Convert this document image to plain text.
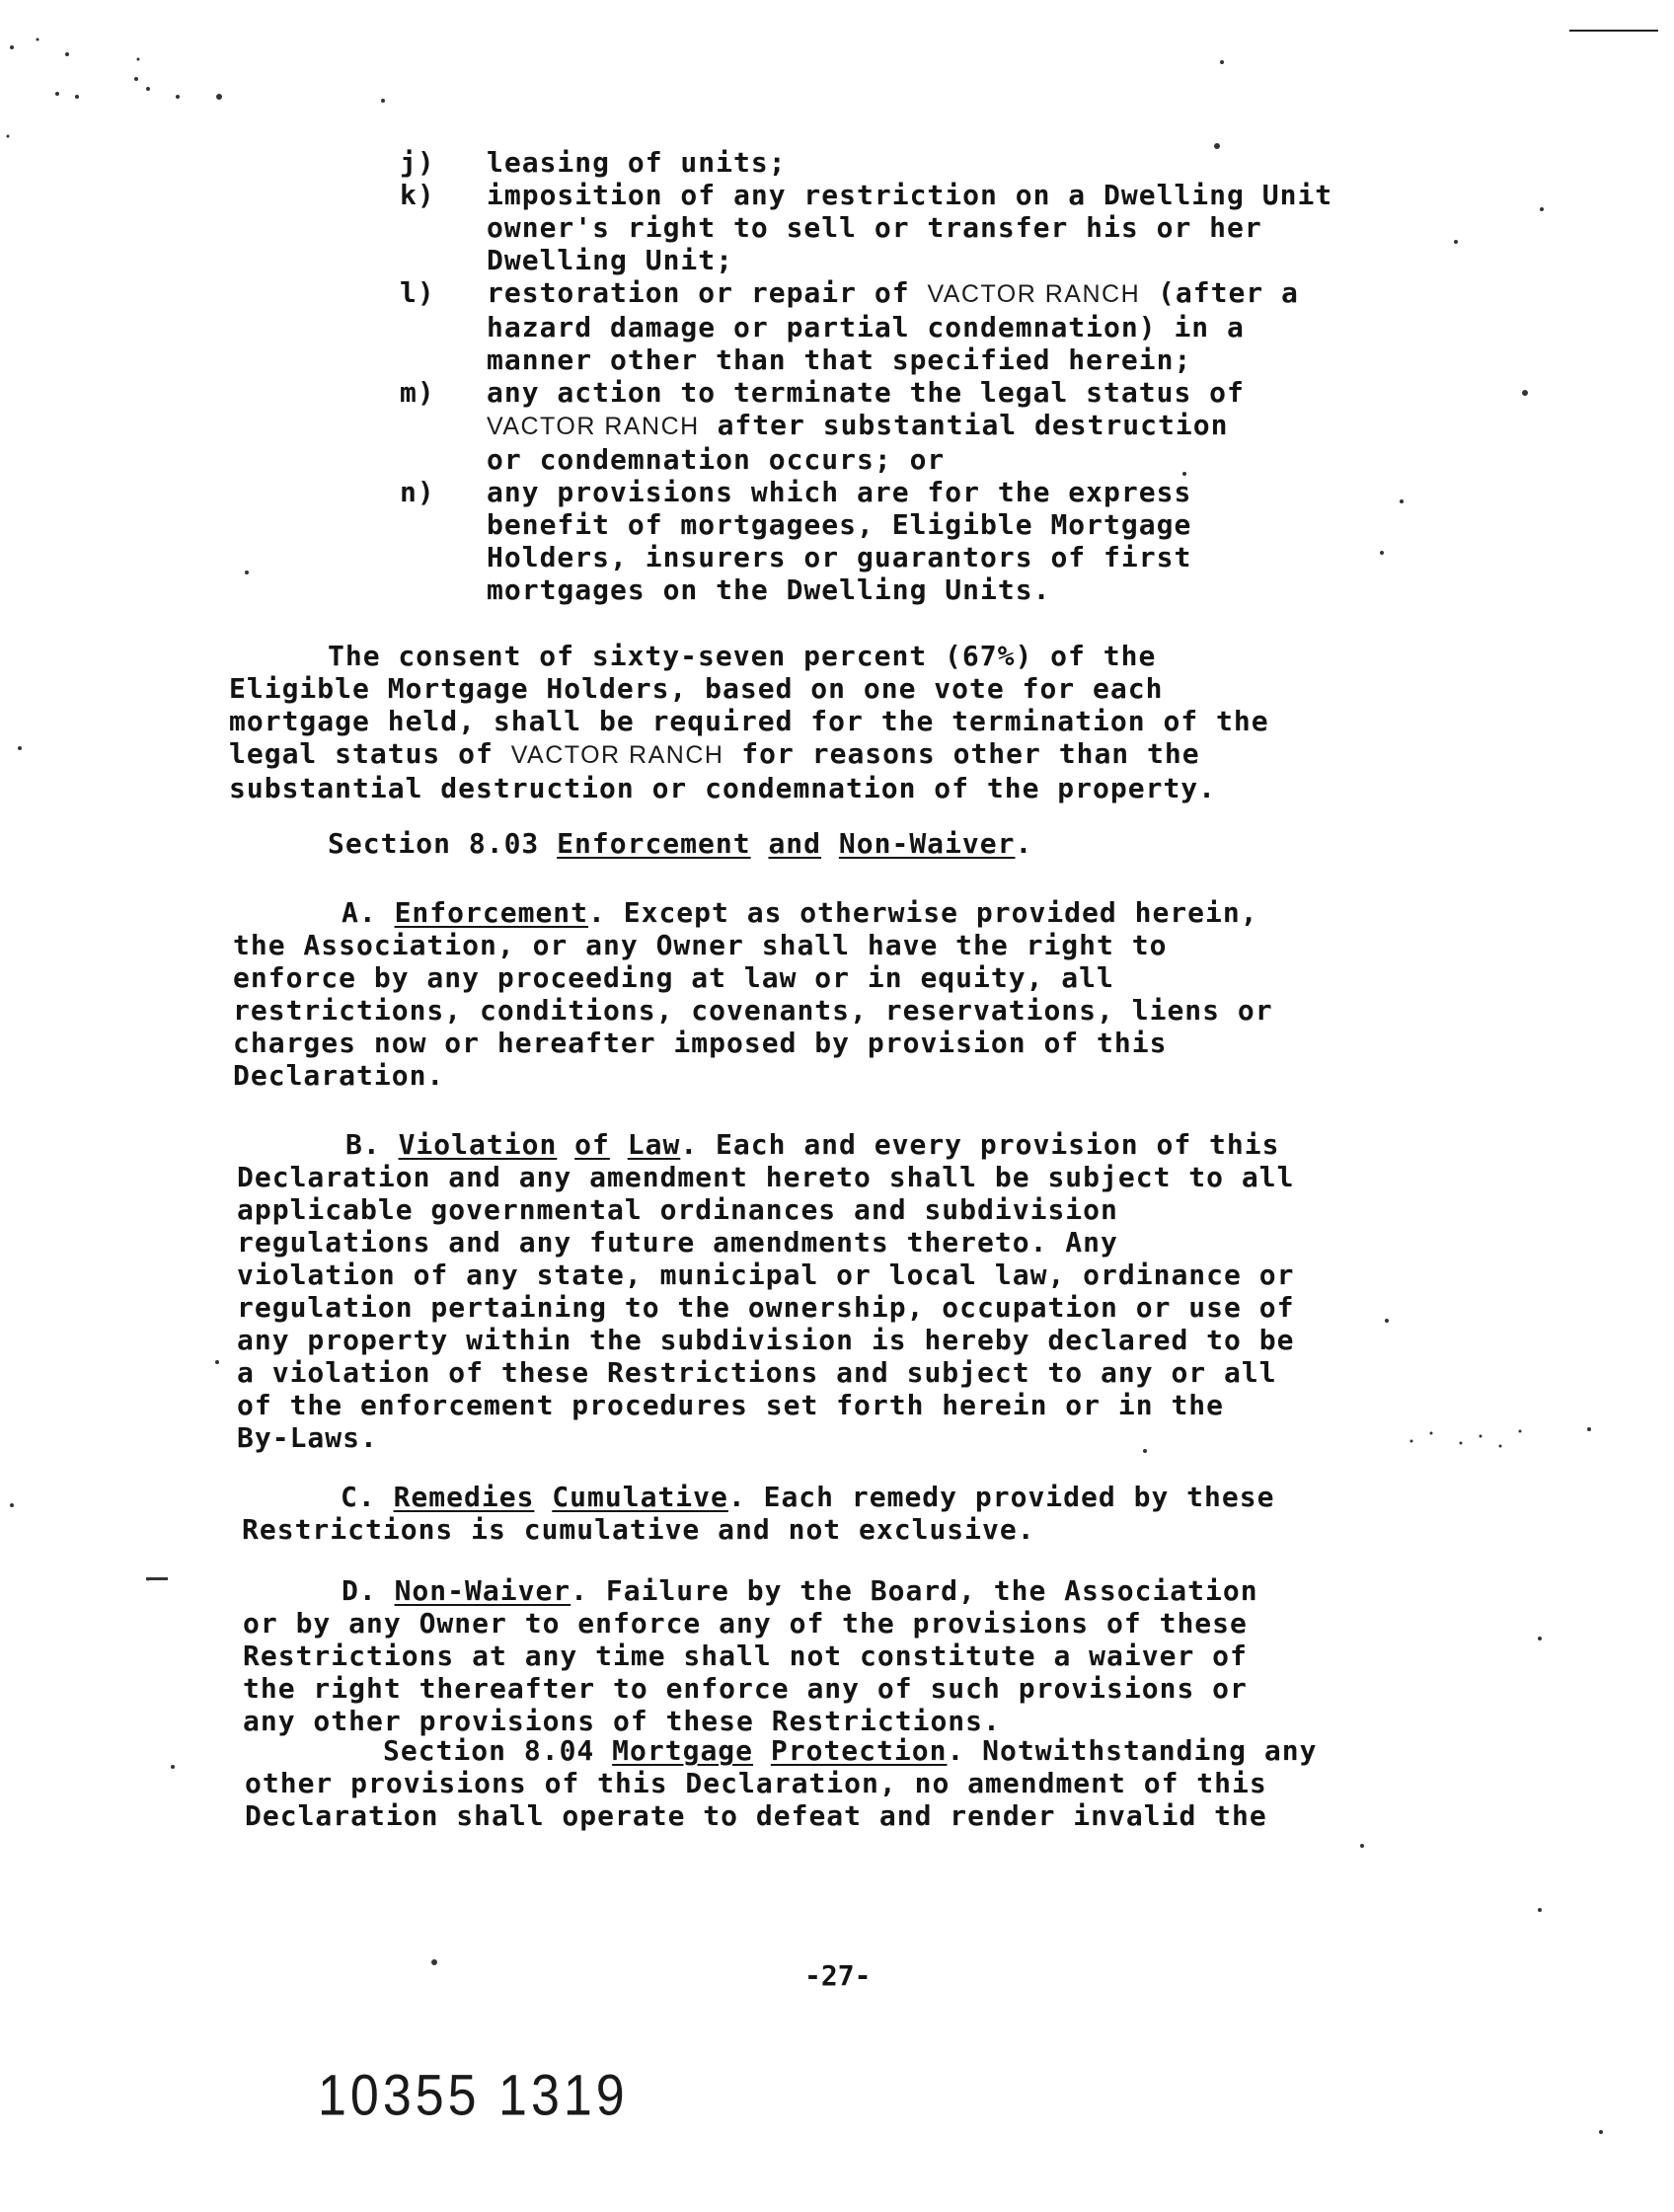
j)	leasing of units;
k)	imposition of any restriction on a Dwelling Unit
owner's right to sell or transfer his or her
Dwelling Unit;
l)	restoration or repair of VACTOR RANCH (after a
hazard damage or partial condemnation) in a
manner other than that specified herein;
m)	any action to terminate the legal status of
VACTOR RANCH after substantial destruction
or condemnation occurs; or
n)	any provisions which are for the express
benefit of mortgagees, Eligible Mortgage
Holders, insurers or guarantors of first
mortgages on the Dwelling Units.
The consent of sixty-seven percent (67%) of the
Eligible Mortgage Holders, based on one vote for each
mortgage held, shall be required for the termination of the
legal status of VACTOR RANCH for reasons other than the
substantial destruction or condemnation of the property.
Section 8.03 Enforcement and Non-Waiver.
A. Enforcement. Except as otherwise provided herein,
the Association, or any Owner shall have the right to
enforce by any proceeding at law or in equity, all
restrictions, conditions, covenants, reservations, liens or
charges now or hereafter imposed by provision of this
Declaration.
B. Violation of Law. Each and every provision of this
Declaration and any amendment hereto shall be subject to all
applicable governmental ordinances and subdivision
regulations and any future amendments thereto. Any
violation of any state, municipal or local law, ordinance or
regulation pertaining to the ownership, occupation or use of
any property within the subdivision is hereby declared to be
a violation of these Restrictions and subject to any or all
of the enforcement procedures set forth herein or in the
By-Laws.
C. Remedies Cumulative. Each remedy provided by these
Restrictions is cumulative and not exclusive.
D. Non-Waiver. Failure by the Board, the Association
or by any Owner to enforce any of the provisions of these
Restrictions at any time shall not constitute a waiver of
the right thereafter to enforce any of such provisions or
any other provisions of these Restrictions.
Section 8.04 Mortgage Protection. Notwithstanding any
other provisions of this Declaration, no amendment of this
Declaration shall operate to defeat and render invalid the
-27-
10355 1319
